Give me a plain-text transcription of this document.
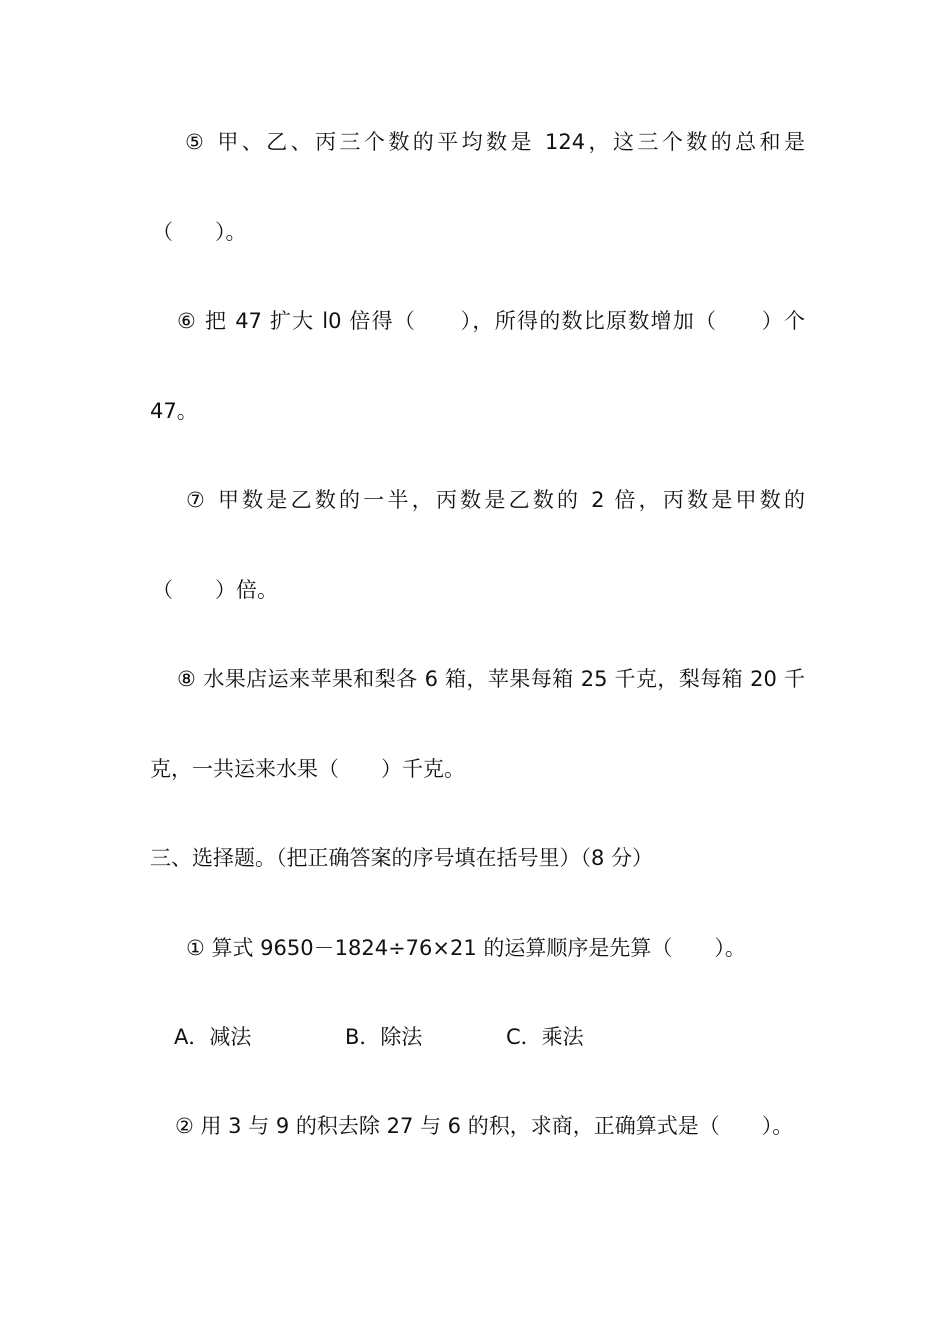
⑤ 甲、乙、丙三个数的平均数是 124，这三个数的总和是

（　　）。

⑥ 把 47 扩大 l0 倍得（　　），所得的数比原数增加（　　）个

47。

⑦ 甲数是乙数的一半，丙数是乙数的 2 倍，丙数是甲数的

（　　）倍。

⑧ 水果店运来苹果和梨各 6 箱，苹果每箱 25 千克，梨每箱 20 千

克，一共运来水果（　　）千克。

三、选择题。（把正确答案的序号填在括号里）（8 分）

① 算式 9650－1824÷76×21 的运算顺序是先算（　　）。

A．减法	B．除法	C．乘法

② 用 3 与 9 的积去除 27 与 6 的积，求商，正确算式是（　　）。
